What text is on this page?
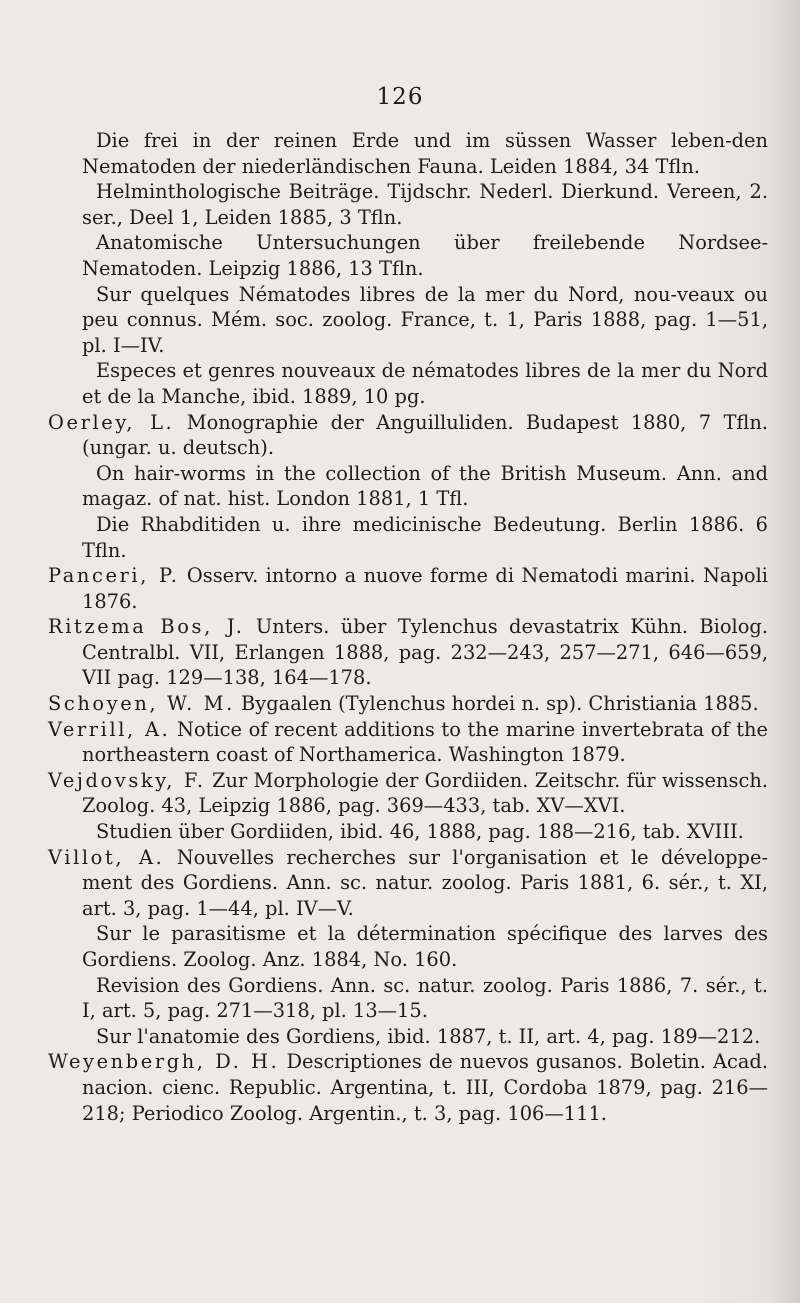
126
Die frei in der reinen Erde und im süssen Wasser leben-den Nematoden der niederländischen Fauna. Leiden 1884, 34 Tfln.
Helminthologische Beiträge. Tijdschr. Nederl. Dierkund. Vereen, 2. ser., Deel 1, Leiden 1885, 3 Tfln.
Anatomische Untersuchungen über freilebende Nordsee-Nematoden. Leipzig 1886, 13 Tfln.
Sur quelques Nématodes libres de la mer du Nord, nou-veaux ou peu connus. Mém. soc. zoolog. France, t. 1, Paris 1888, pag. 1—51, pl. I—IV.
Especes et genres nouveaux de nématodes libres de la mer du Nord et de la Manche, ibid. 1889, 10 pg.
Oerley, L. Monographie der Anguilluliden. Budapest 1880, 7 Tfln. (ungar. u. deutsch).
On hair-worms in the collection of the British Museum. Ann. and magaz. of nat. hist. London 1881, 1 Tfl.
Die Rhabditiden u. ihre medicinische Bedeutung. Berlin 1886. 6 Tfln.
Panceri, P. Osserv. intorno a nuove forme di Nematodi marini. Napoli 1876.
Ritzema Bos, J. Unters. über Tylenchus devastatrix Kühn. Biolog. Centralbl. VII, Erlangen 1888, pag. 232—243, 257—271, 646—659, VII pag. 129—138, 164—178.
Schoyen, W. M. Bygaalen (Tylenchus hordei n. sp). Christiania 1885.
Verrill, A. Notice of recent additions to the marine invertebrata of the northeastern coast of Northamerica. Washington 1879.
Vejdovsky, F. Zur Morphologie der Gordiiden. Zeitschr. für wissensch. Zoolog. 43, Leipzig 1886, pag. 369—433, tab. XV—XVI.
Studien über Gordiiden, ibid. 46, 1888, pag. 188—216, tab. XVIII.
Villot, A. Nouvelles recherches sur l'organisation et le développe-ment des Gordiens. Ann. sc. natur. zoolog. Paris 1881, 6. sér., t. XI, art. 3, pag. 1—44, pl. IV—V.
Sur le parasitisme et la détermination spécifique des larves des Gordiens. Zoolog. Anz. 1884, No. 160.
Revision des Gordiens. Ann. sc. natur. zoolog. Paris 1886, 7. sér., t. I, art. 5, pag. 271—318, pl. 13—15.
Sur l'anatomie des Gordiens, ibid. 1887, t. II, art. 4, pag. 189—212.
Weyenbergh, D. H. Descriptiones de nuevos gusanos. Boletin. Acad. nacion. cienc. Republic. Argentina, t. III, Cordoba 1879, pag. 216—218; Periodico Zoolog. Argentin., t. 3, pag. 106—111.
